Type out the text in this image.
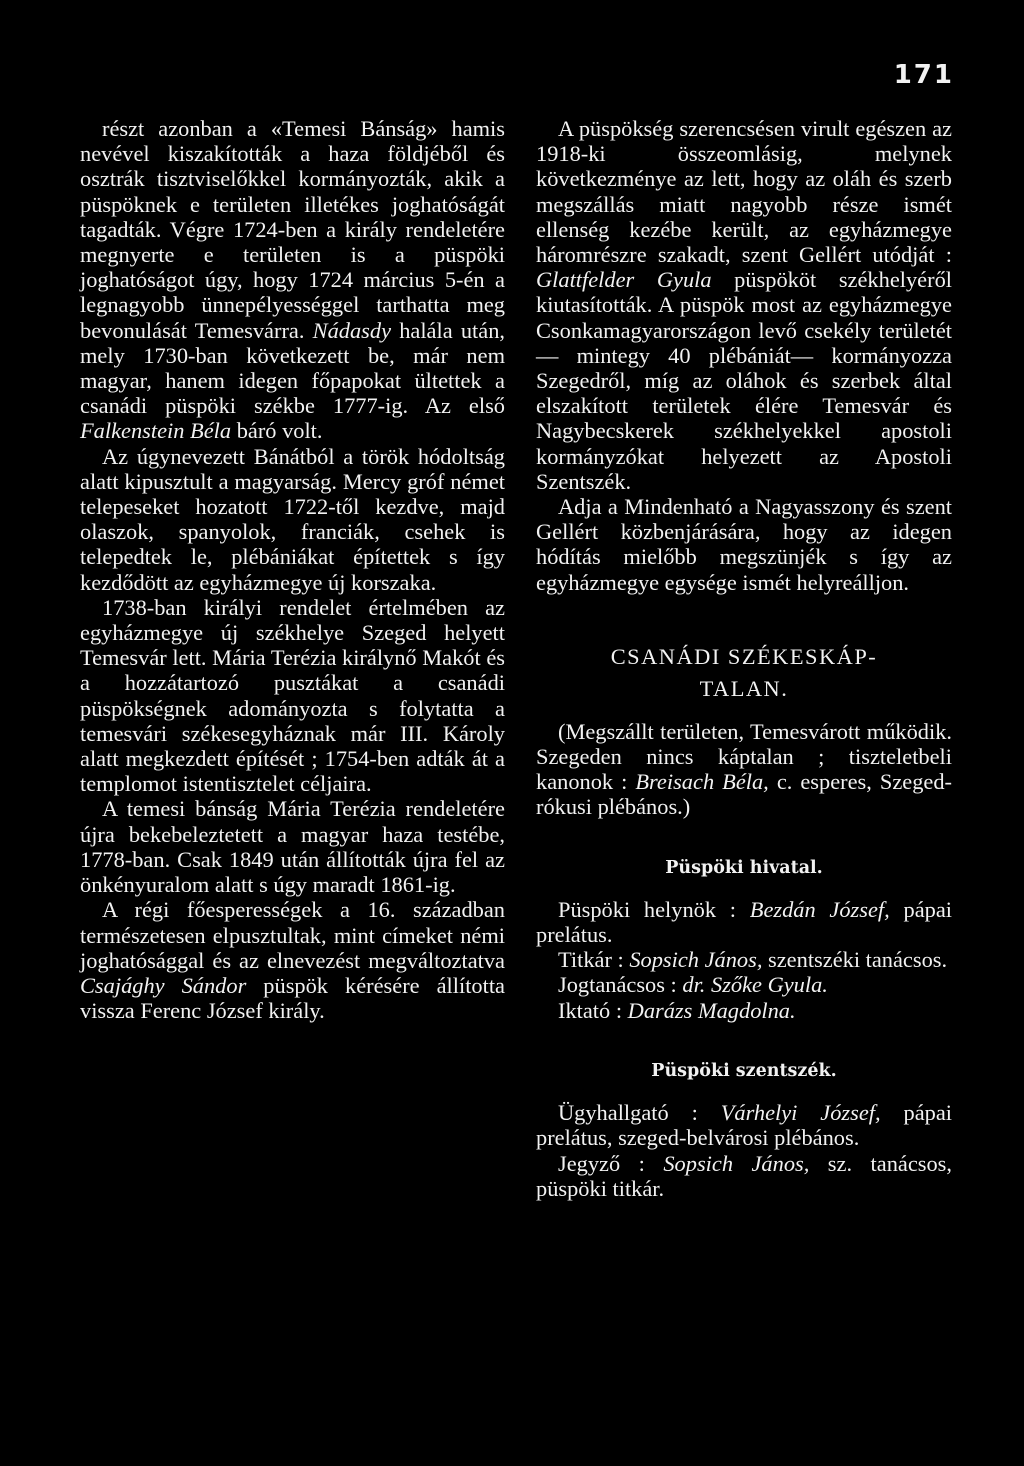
171

részt azonban a «Temesi Bánság» hamis nevével kiszakították a haza földjéből és osztrák tisztviselőkkel kormányozták, akik a püspöknek e területen illetékes joghatóságát tagadták. Végre 1724-ben a király rendeletére megnyerte e területen is a püspöki joghatóságot úgy, hogy 1724 március 5-én a legnagyobb ünnepélyességgel tarthatta meg bevonulását Temesvárra. Nádasdy halála után, mely 1730-ban következett be, már nem magyar, hanem idegen főpapokat ültettek a csanádi püspöki székbe 1777-ig. Az első Falkenstein Béla báró volt.

Az úgynevezett Bánátból a török hódoltság alatt kipusztult a magyarság. Mercy gróf német telepeseket hozatott 1722-től kezdve, majd olaszok, spanyolok, franciák, csehek is telepedtek le, plébániákat építettek s így kezdődött az egyházmegye új korszaka.

1738-ban királyi rendelet értelmében az egyházmegye új székhelye Szeged helyett Temesvár lett. Mária Terézia királynő Makót és a hozzátartozó pusztákat a csanádi püspökségnek adományozta s folytatta a temesvári székesegyháznak már III. Károly alatt megkezdett építését ; 1754-ben adták át a templomot istentisztelet céljaira.

A temesi bánság Mária Terézia rendeletére újra bekebeleztetett a magyar haza testébe, 1778-ban. Csak 1849 után állították újra fel az önkényuralom alatt s úgy maradt 1861-ig.

A régi főesperességek a 16. században természetesen elpusztultak, mint címeket némi joghatósággal és az elnevezést megváltoztatva Csajághy Sándor püspök kérésére állította vissza Ferenc József király.

A püspökség szerencsésen virult egészen az 1918-ki összeomlásig, melynek következménye az lett, hogy az oláh és szerb megszállás miatt nagyobb része ismét ellenség kezébe került, az egyházmegye háromrészre szakadt, szent Gellért utódját : Glattfelder Gyula püspököt székhelyéről kiutasították. A püspök most az egyházmegye Csonkamagyarországon levő csekély területét — mintegy 40 plébániát— kormányozza Szegedről, míg az oláhok és szerbek által elszakított területek élére Temesvár és Nagybecskerek székhelyekkel apostoli kormányzókat helyezett az Apostoli Szentszék.

Adja a Mindenható a Nagyasszony és szent Gellért közbenjárására, hogy az idegen hódítás mielőbb megszünjék s így az egyházmegye egysége ismét helyreálljon.

CSANÁDI SZÉKESKÁP-
TALAN.

(Megszállt területen, Temesvárott működik. Szegeden nincs káptalan ; tiszteletbeli kanonok : Breisach Béla, c. esperes, Szeged-rókusi plébános.)

Püspöki hivatal.

Püspöki helynök : Bezdán József, pápai prelátus.

Titkár : Sopsich János, szentszéki tanácsos.

Jogtanácsos : dr. Szőke Gyula.

Iktató : Darázs Magdolna.

Püspöki szentszék.

Ügyhallgató : Várhelyi József, pápai prelátus, szeged-belvárosi plébános.

Jegyző : Sopsich János, sz. tanácsos, püspöki titkár.
